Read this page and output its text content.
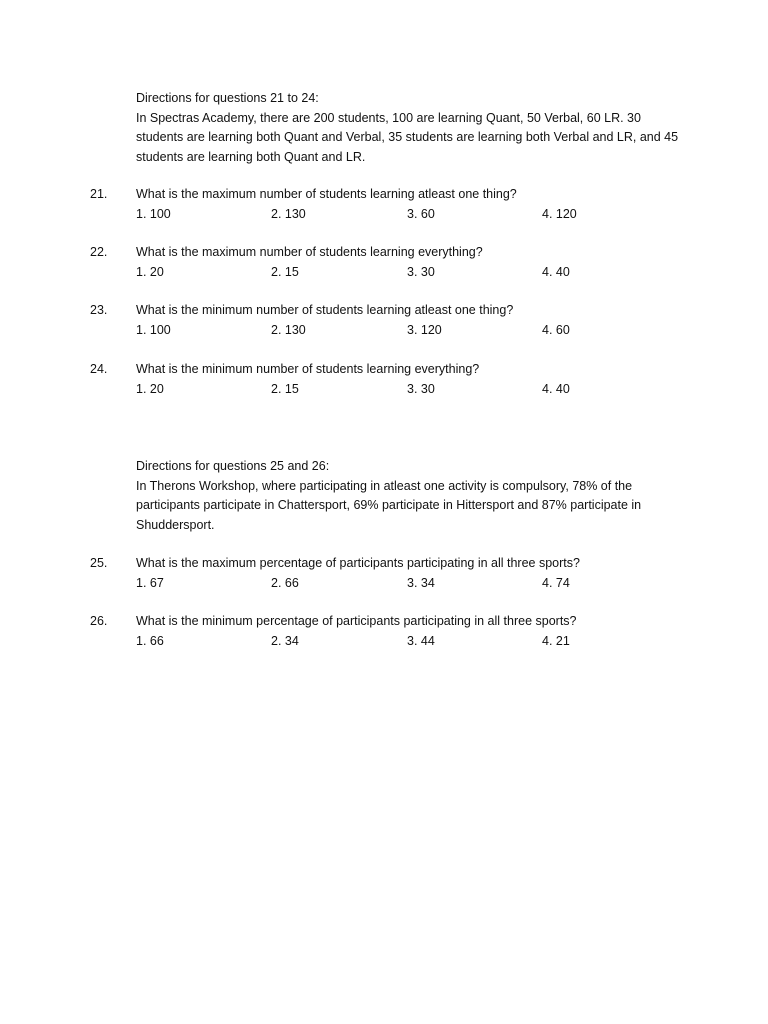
Directions for questions 21 to 24:

In Spectras Academy, there are 200 students, 100 are learning Quant, 50 Verbal, 60 LR. 30 students are learning both Quant and Verbal, 35 students are learning both Verbal and LR, and 45 students are learning both Quant and LR.

21.	What is the maximum number of students learning atleast one thing?
1. 100	2. 130	3. 60	4. 120
22.	What is the maximum number of students learning everything?
1. 20	2. 15	3. 30	4. 40
23.	What is the minimum number of students learning atleast one thing?
1. 100	2. 130	3. 120	4. 60
24.	What is the minimum number of students learning everything?
1. 20	2. 15	3. 30	4. 40

Directions for questions 25 and 26:

In Therons Workshop, where participating in atleast one activity is compulsory, 78% of the participants participate in Chattersport, 69% participate in Hittersport and 87% participate in Shuddersport.

25.	What is the maximum percentage of participants participating in all three sports?
1. 67	2. 66	3. 34	4. 74
26.	What is the minimum percentage of participants participating in all three sports?
1. 66	2. 34	3. 44	4. 21
